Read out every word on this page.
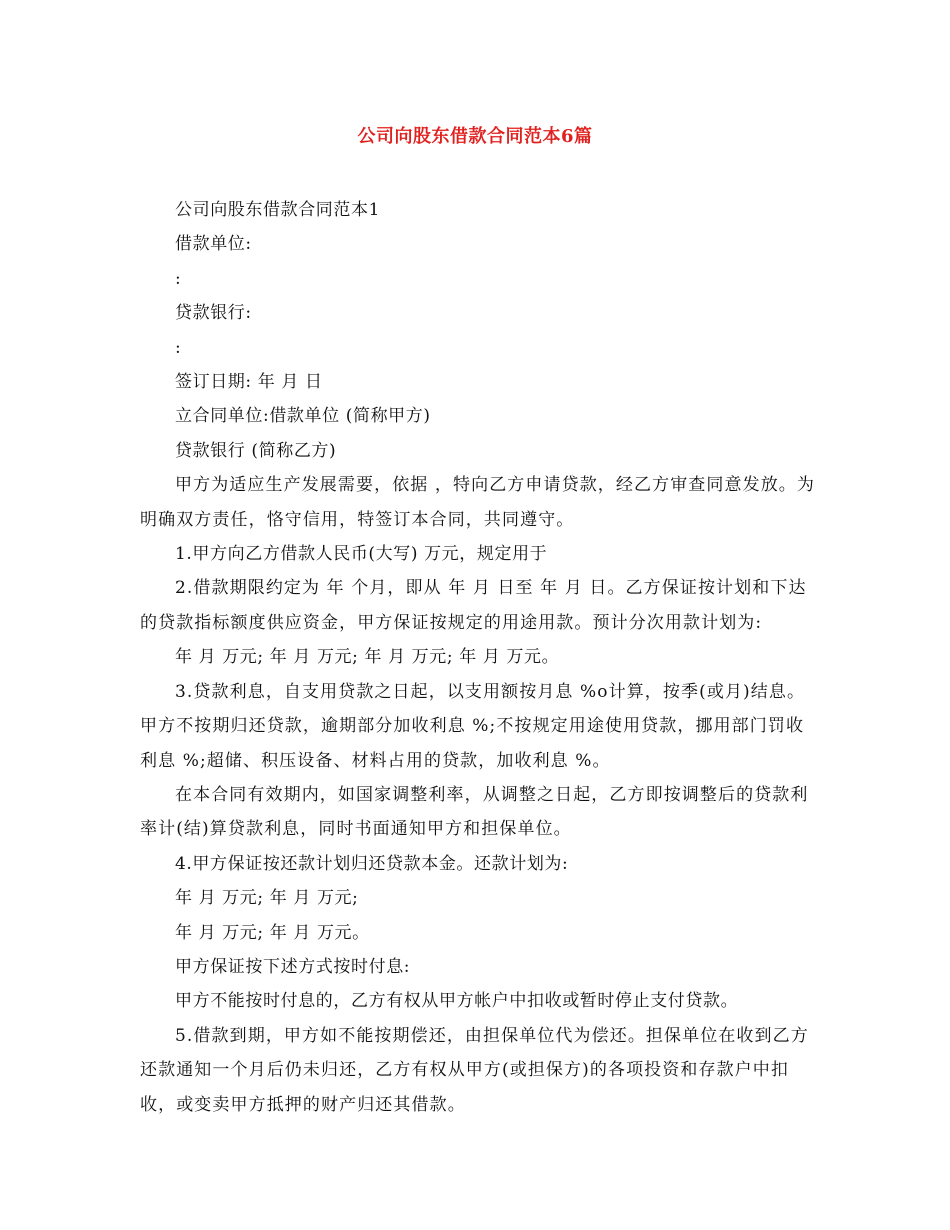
公司向股东借款合同范本6篇

公司向股东借款合同范本1

借款单位:

:

贷款银行:

:

签订日期: 年 月 日

立合同单位:借款单位 (简称甲方)

贷款银行 (简称乙方)

甲方为适应生产发展需要，依据 ，特向乙方申请贷款，经乙方审查同意发放。为明确双方责任，恪守信用，特签订本合同，共同遵守。

1.甲方向乙方借款人民币(大写) 万元，规定用于

2.借款期限约定为 年 个月，即从 年 月 日至 年 月 日。乙方保证按计划和下达的贷款指标额度供应资金，甲方保证按规定的用途用款。预计分次用款计划为:

年 月 万元; 年 月 万元; 年 月 万元; 年 月 万元。

3.贷款利息，自支用贷款之日起，以支用额按月息 %o计算，按季(或月)结息。甲方不按期归还贷款，逾期部分加收利息 %;不按规定用途使用贷款，挪用部门罚收利息 %;超储、积压设备、材料占用的贷款，加收利息 %。

在本合同有效期内，如国家调整利率，从调整之日起，乙方即按调整后的贷款利率计(结)算贷款利息，同时书面通知甲方和担保单位。

4.甲方保证按还款计划归还贷款本金。还款计划为:

年 月 万元; 年 月 万元;

年 月 万元; 年 月 万元。

甲方保证按下述方式按时付息:

甲方不能按时付息的，乙方有权从甲方帐户中扣收或暂时停止支付贷款。

5.借款到期，甲方如不能按期偿还，由担保单位代为偿还。担保单位在收到乙方还款通知一个月后仍未归还，乙方有权从甲方(或担保方)的各项投资和存款户中扣收，或变卖甲方抵押的财产归还其借款。
